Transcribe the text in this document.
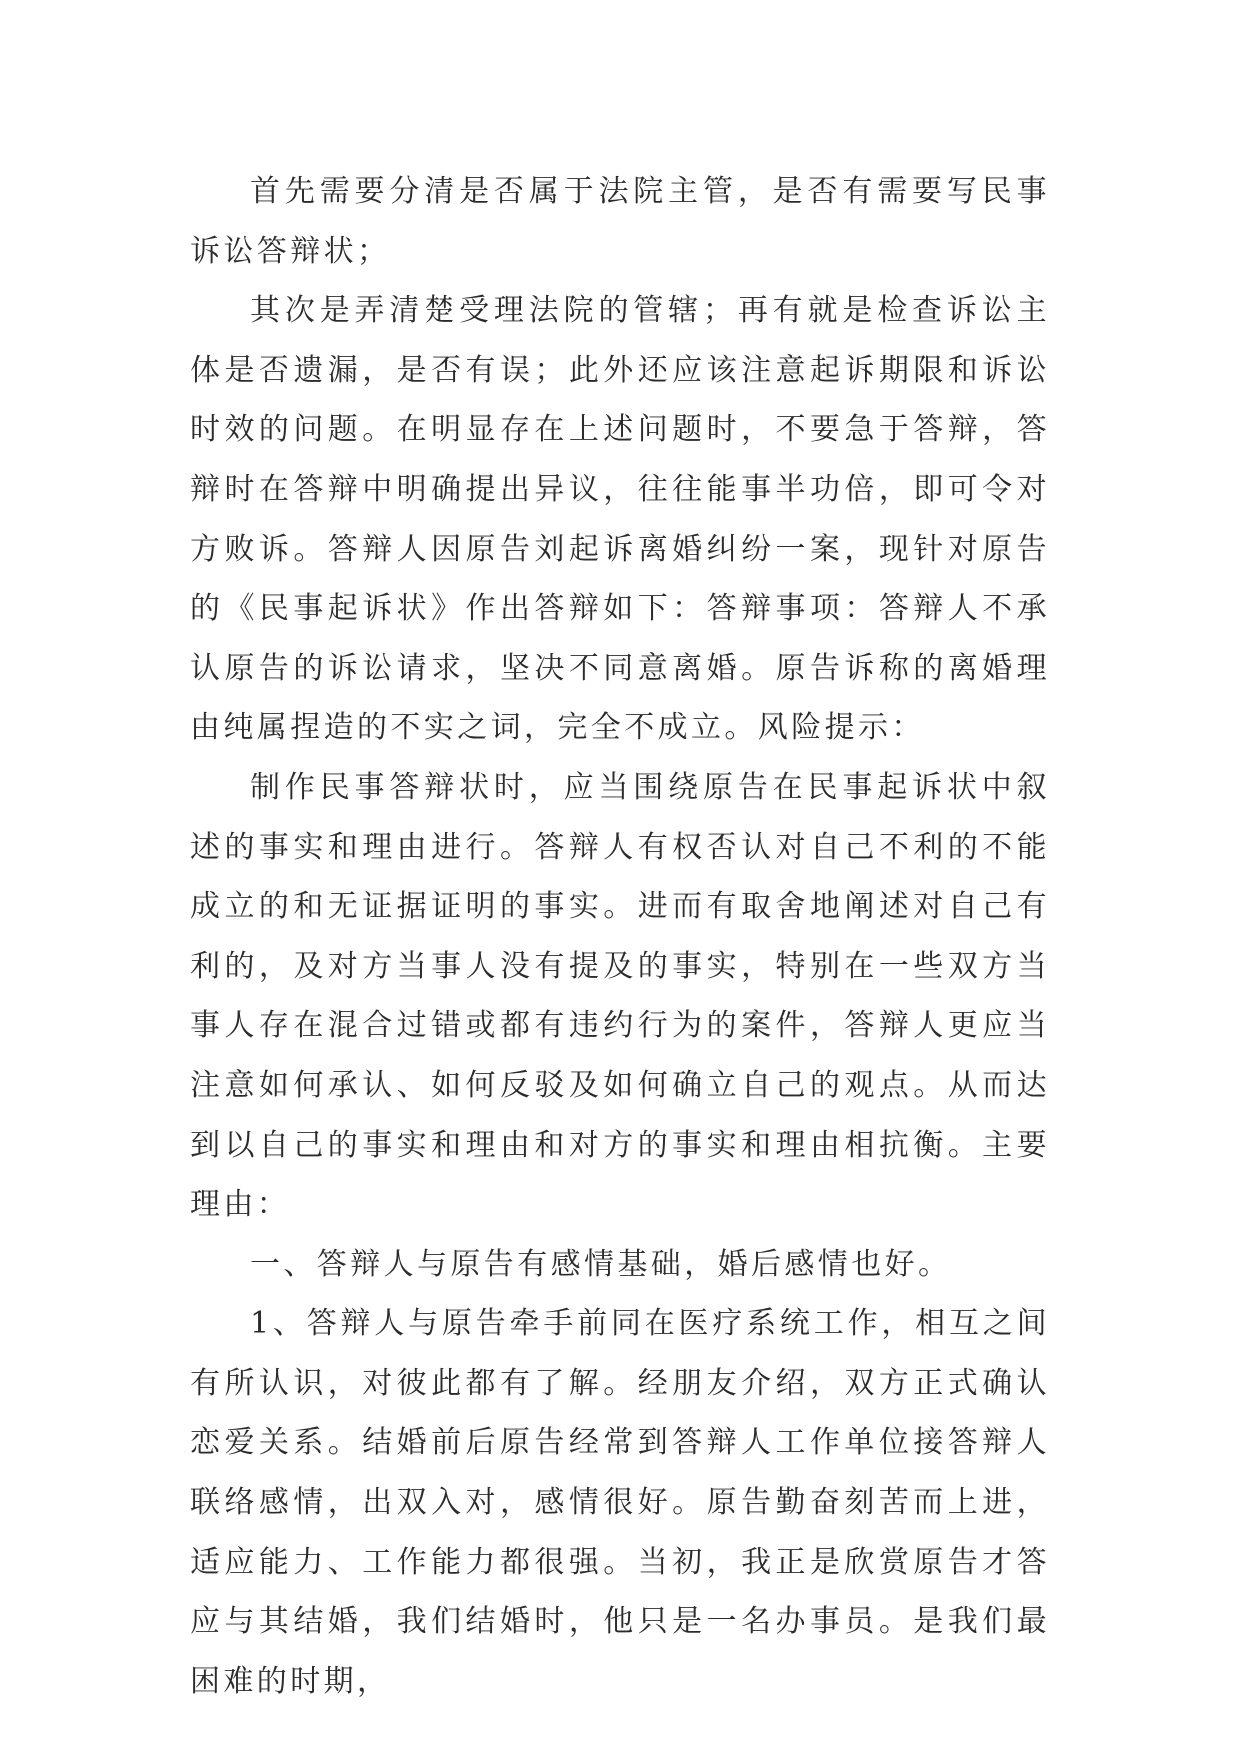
首先需要分清是否属于法院主管，是否有需要写民事诉讼答辩状；

其次是弄清楚受理法院的管辖；再有就是检查诉讼主体是否遗漏，是否有误；此外还应该注意起诉期限和诉讼时效的问题。在明显存在上述问题时，不要急于答辩，答辩时在答辩中明确提出异议，往往能事半功倍，即可令对方败诉。答辩人因原告刘起诉离婚纠纷一案，现针对原告的《民事起诉状》作出答辩如下：答辩事项：答辩人不承认原告的诉讼请求，坚决不同意离婚。原告诉称的离婚理由纯属捏造的不实之词，完全不成立。风险提示：

制作民事答辩状时，应当围绕原告在民事起诉状中叙述的事实和理由进行。答辩人有权否认对自己不利的不能成立的和无证据证明的事实。进而有取舍地阐述对自己有利的，及对方当事人没有提及的事实，特别在一些双方当事人存在混合过错或都有违约行为的案件，答辩人更应当注意如何承认、如何反驳及如何确立自己的观点。从而达到以自己的事实和理由和对方的事实和理由相抗衡。主要理由：

一、答辩人与原告有感情基础，婚后感情也好。

1、答辩人与原告牵手前同在医疗系统工作，相互之间有所认识，对彼此都有了解。经朋友介绍，双方正式确认恋爱关系。结婚前后原告经常到答辩人工作单位接答辩人联络感情，出双入对，感情很好。原告勤奋刻苦而上进，适应能力、工作能力都很强。当初，我正是欣赏原告才答应与其结婚，我们结婚时，他只是一名办事员。是我们最困难的时期，
